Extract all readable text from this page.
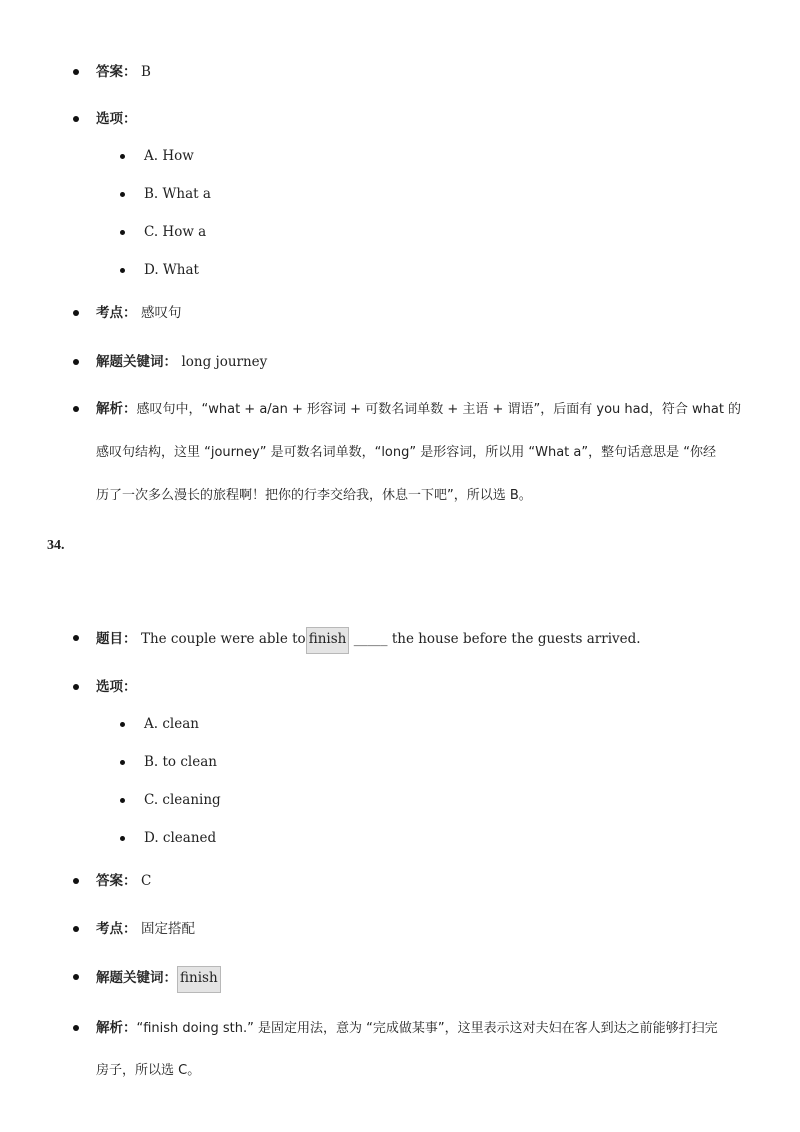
答案： B
选项：
A. How
B. What a
C. How a
D. What
考点： 感叹句
解题关键词： long journey
解析：感叹句中，“what + a/an + 形容词 + 可数名词单数 + 主语 + 谓语”，后面有 you had，符合 what 的
感叹句结构，这里 “journey” 是可数名词单数，“long” 是形容词，所以用 “What a”，整句话意思是 “你经
历了一次多么漫长的旅程啊！把你的行李交给我，休息一下吧”，所以选 B。
34.
题目： The couple were able to finish _____ the house before the guests arrived.
选项：
A. clean
B. to clean
C. cleaning
D. cleaned
答案： C
考点： 固定搭配
解题关键词： finish
解析：“finish doing sth.” 是固定用法，意为 “完成做某事”，这里表示这对夫妇在客人到达之前能够打扫完
房子，所以选 C。
